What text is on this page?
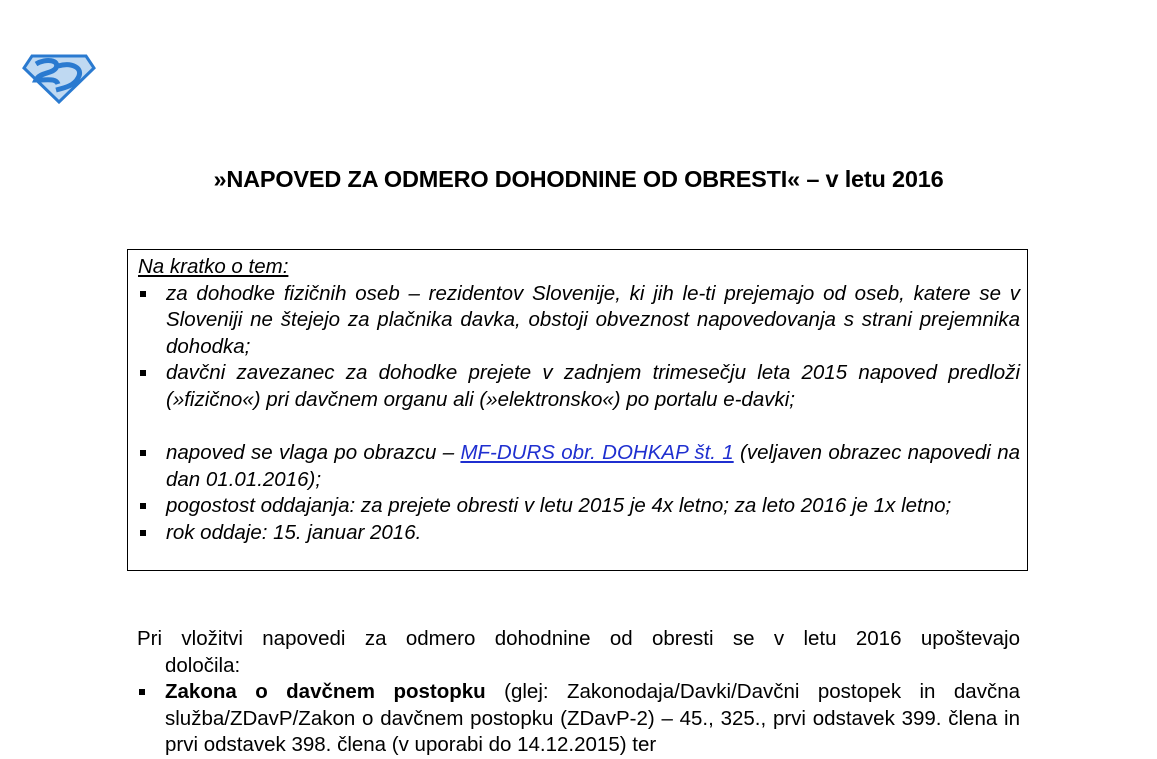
»NAPOVED ZA ODMERO DOHODNINE OD OBRESTI« – v letu 2016
Na kratko o tem:
za dohodke fizičnih oseb – rezidentov Slovenije, ki jih le-ti prejemajo od oseb, katere se v Sloveniji ne štejejo za plačnika davka, obstoji obveznost napovedovanja s strani prejemnika dohodka;
davčni zavezanec za dohodke prejete v zadnjem trimesečju leta 2015 napoved predloži (»fizično«) pri davčnem organu ali (»elektronsko«) po portalu e-davki;
napoved se vlaga po obrazcu – MF-DURS obr. DOHKAP št. 1 (veljaven obrazec napovedi na dan 01.01.2016);
pogostost oddajanja: za prejete obresti v letu 2015 je 4x letno; za leto 2016 je 1x letno;
rok oddaje: 15. januar 2016.
Pri vložitvi napovedi za odmero dohodnine od obresti se v letu 2016 upoštevajo
določila:
Zakona o davčnem postopku (glej: Zakonodaja/Davki/Davčni postopek in davčna služba/ZDavP/Zakon o davčnem postopku (ZDavP-2) – 45., 325., prvi odstavek 399. člena in prvi odstavek 398. člena (v uporabi do 14.12.2015) ter
